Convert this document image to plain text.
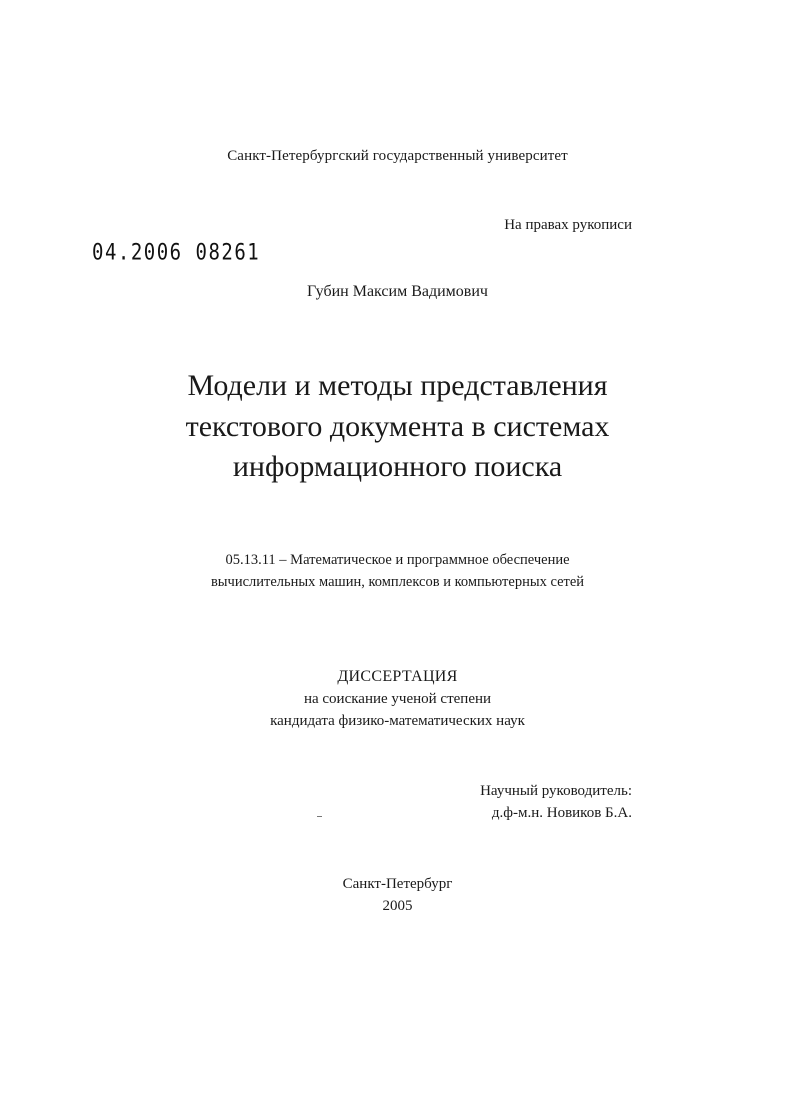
Санкт-Петербургский государственный университет
На правах рукописи
04.2006 08261
Губин Максим Вадимович
Модели и методы представления
текстового документа в системах
информационного поиска
05.13.11 – Математическое и программное обеспечение
вычислительных машин, комплексов и компьютерных сетей
ДИССЕРТАЦИЯ
на соискание ученой степени
кандидата физико-математических наук
Научный руководитель:
д.ф-м.н. Новиков Б.А.
Санкт-Петербург
2005
